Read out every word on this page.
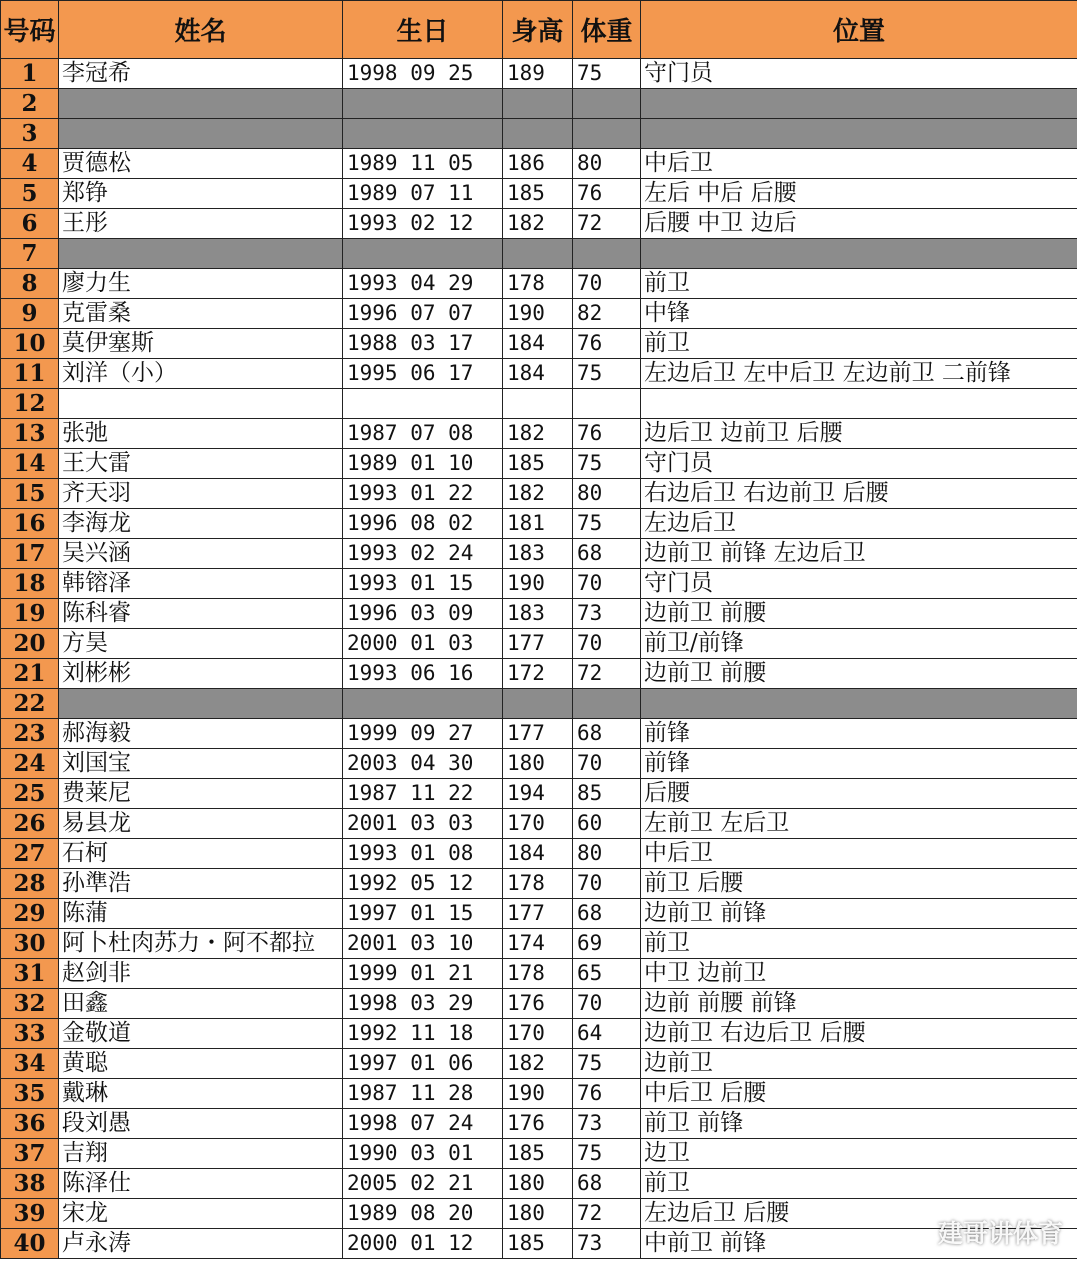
号码	姓名	生日	身高	体重	位置
1	李冠希	1998 09 25	189	75	守门员
2					
3					
4	贾德松	1989 11 05	186	80	中后卫
5	郑铮	1989 07 11	185	76	左后 中后 后腰
6	王彤	1993 02 12	182	72	后腰 中卫 边后
7					
8	廖力生	1993 04 29	178	70	前卫
9	克雷桑	1996 07 07	190	82	中锋
10	莫伊塞斯	1988 03 17	184	76	前卫
11	刘洋（小）	1995 06 17	184	75	左边后卫 左中后卫 左边前卫 二前锋
12					
13	张弛	1987 07 08	182	76	边后卫 边前卫 后腰
14	王大雷	1989 01 10	185	75	守门员
15	齐天羽	1993 01 22	182	80	右边后卫 右边前卫 后腰
16	李海龙	1996 08 02	181	75	左边后卫
17	吴兴涵	1993 02 24	183	68	边前卫 前锋 左边后卫
18	韩镕泽	1993 01 15	190	70	守门员
19	陈科睿	1996 03 09	183	73	边前卫 前腰
20	方昊	2000 01 03	177	70	前卫/前锋
21	刘彬彬	1993 06 16	172	72	边前卫 前腰
22					
23	郝海毅	1999 09 27	177	68	前锋
24	刘国宝	2003 04 30	180	70	前锋
25	费莱尼	1987 11 22	194	85	后腰
26	易县龙	2001 03 03	170	60	左前卫 左后卫
27	石柯	1993 01 08	184	80	中后卫
28	孙準浩	1992 05 12	178	70	前卫 后腰
29	陈蒲	1997 01 15	177	68	边前卫 前锋
30	阿卜杜肉苏力・阿不都拉	2001 03 10	174	69	前卫
31	赵剑非	1999 01 21	178	65	中卫 边前卫
32	田鑫	1998 03 29	176	70	边前 前腰 前锋
33	金敬道	1992 11 18	170	64	边前卫 右边后卫 后腰
34	黄聪	1997 01 06	182	75	边前卫
35	戴琳	1987 11 28	190	76	中后卫 后腰
36	段刘愚	1998 07 24	176	73	前卫 前锋
37	吉翔	1990 03 01	185	75	边卫
38	陈泽仕	2005 02 21	180	68	前卫
39	宋龙	1989 08 20	180	72	左边后卫 后腰
40	卢永涛	2000 01 12	185	73	中前卫 前锋	建哥讲体育
